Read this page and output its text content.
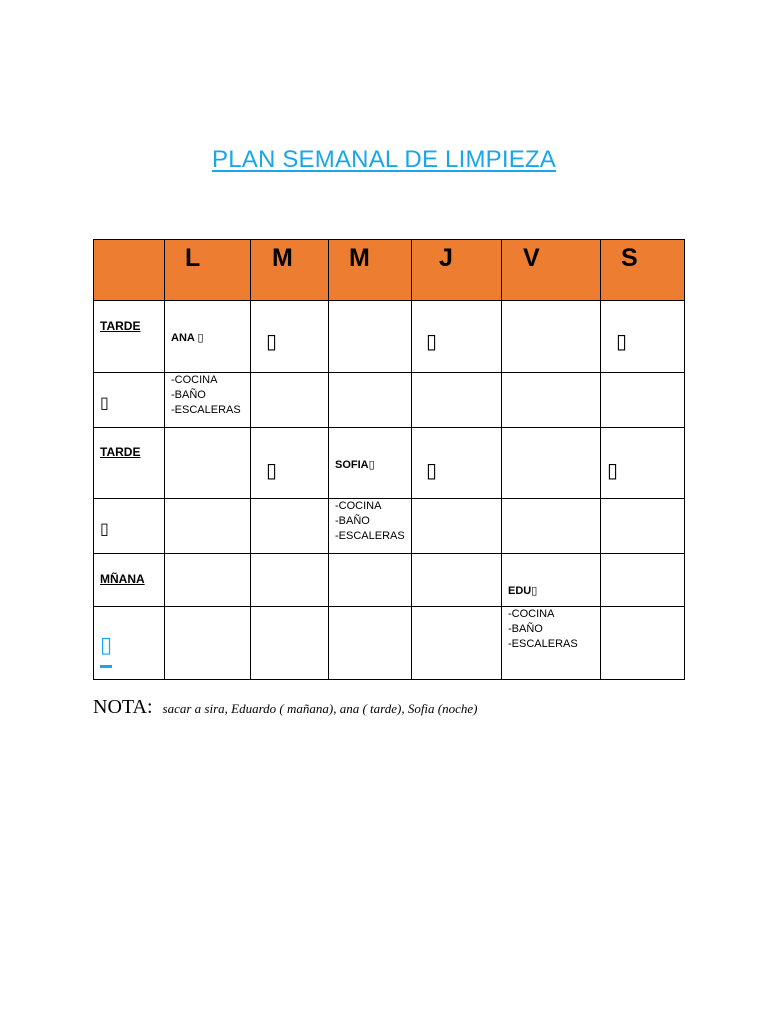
PLAN SEMANAL DE LIMPIEZA

	L	M	M	J	V	S

TARDE	ANA ▯	▯		▯		▯

▯	-COCINA
-BAÑO
-ESCALERAS					

TARDE		▯	SOFIA▯	▯		▯

▯			-COCINA
-BAÑO
-ESCALERAS			

MÑANA					EDU▯	

▯					-COCINA
-BAÑO
-ESCALERAS	

NOTA: sacar a sira, Eduardo ( mañana), ana ( tarde), Sofia (noche)
